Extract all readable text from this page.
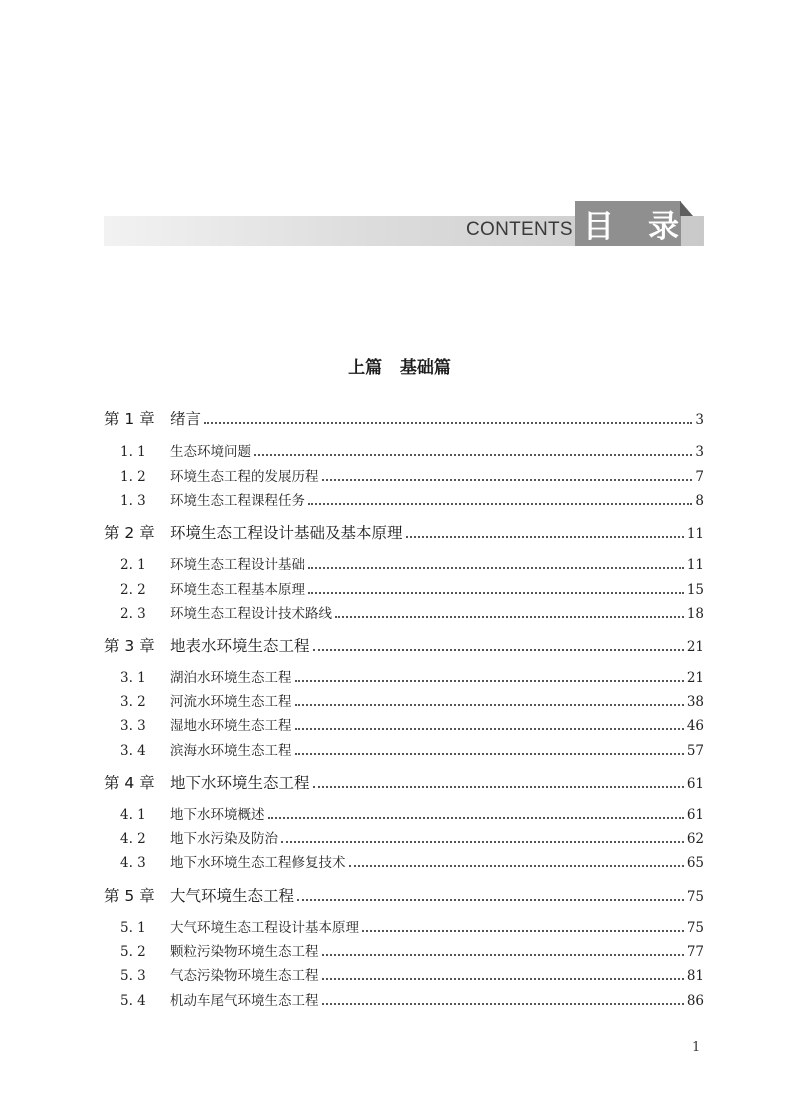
CONTENTS 目 录
上篇   基础篇
第 1 章 绪言	3
1. 1	生态环境问题	3
1. 2	环境生态工程的发展历程	7
1. 3	环境生态工程课程任务	8
第 2 章 环境生态工程设计基础及基本原理	11
2. 1	环境生态工程设计基础	11
2. 2	环境生态工程基本原理	15
2. 3	环境生态工程设计技术路线	18
第 3 章 地表水环境生态工程	21
3. 1	湖泊水环境生态工程	21
3. 2	河流水环境生态工程	38
3. 3	湿地水环境生态工程	46
3. 4	滨海水环境生态工程	57
第 4 章 地下水环境生态工程	61
4. 1	地下水环境概述	61
4. 2	地下水污染及防治	62
4. 3	地下水环境生态工程修复技术	65
第 5 章 大气环境生态工程	75
5. 1	大气环境生态工程设计基本原理	75
5. 2	颗粒污染物环境生态工程	77
5. 3	气态污染物环境生态工程	81
5. 4	机动车尾气环境生态工程	86
1
